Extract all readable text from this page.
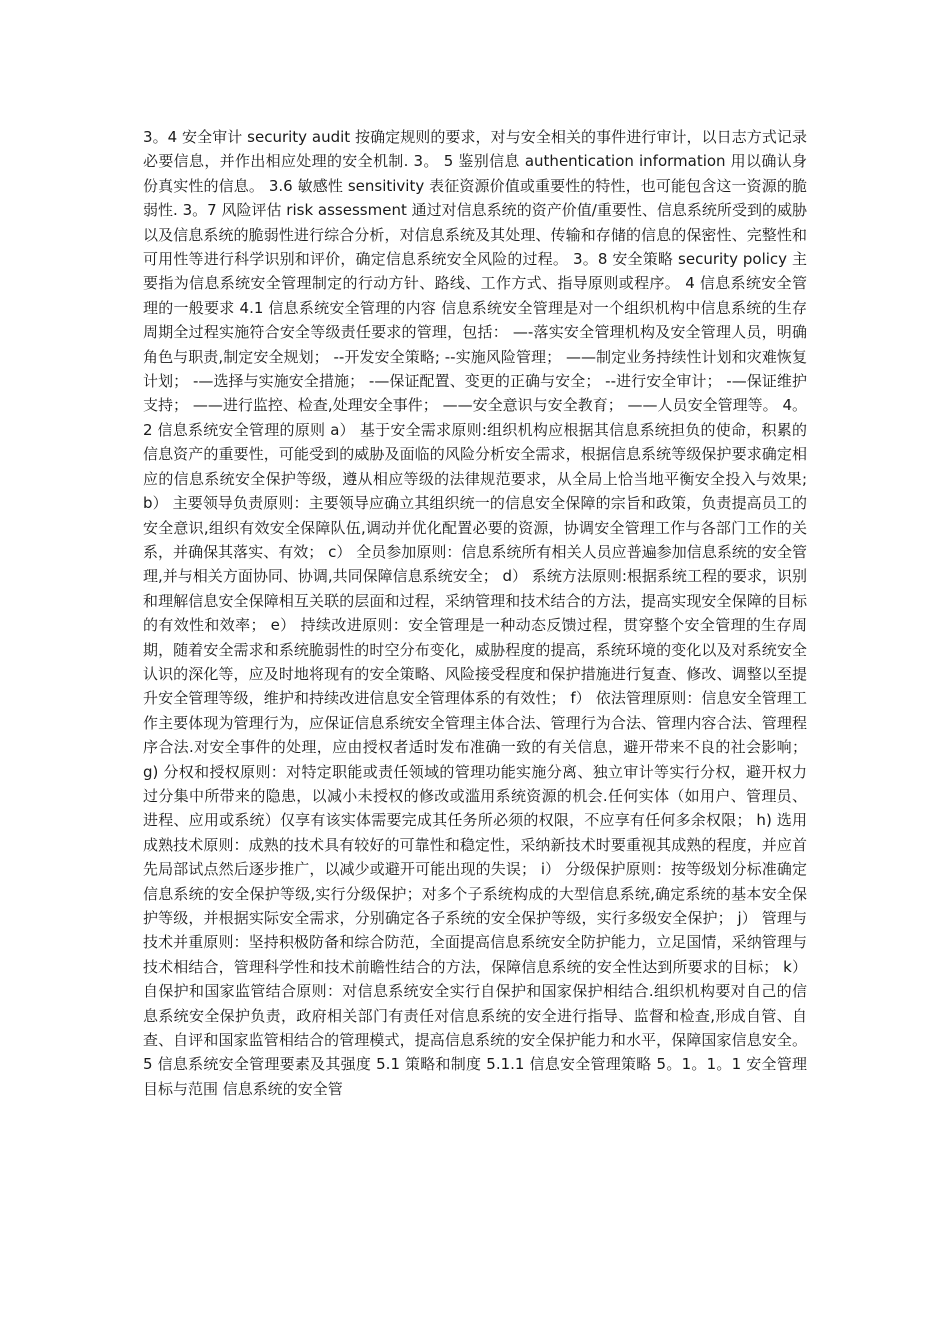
3。4 安全审计 security audit 按确定规则的要求，对与安全相关的事件进行审计，以日志方式记录必要信息，并作出相应处理的安全机制. 3。 5 鉴别信息 authentication information 用以确认身份真实性的信息。 3.6 敏感性 sensitivity 表征资源价值或重要性的特性，也可能包含这一资源的脆弱性. 3。7 风险评估 risk assessment 通过对信息系统的资产价值/重要性、信息系统所受到的威胁以及信息系统的脆弱性进行综合分析，对信息系统及其处理、传输和存储的信息的保密性、完整性和可用性等进行科学识别和评价，确定信息系统安全风险的过程。 3。8 安全策略 security policy 主要指为信息系统安全管理制定的行动方针、路线、工作方式、指导原则或程序。 4 信息系统安全管理的一般要求 4.1 信息系统安全管理的内容 信息系统安全管理是对一个组织机构中信息系统的生存周期全过程实施符合安全等级责任要求的管理，包括： —-落实安全管理机构及安全管理人员，明确角色与职责,制定安全规划； --开发安全策略; --实施风险管理； ——制定业务持续性计划和灾难恢复计划； -—选择与实施安全措施； -—保证配置、变更的正确与安全； --进行安全审计； -—保证维护支持； ——进行监控、检查,处理安全事件； ——安全意识与安全教育； ——人员安全管理等。 4。2 信息系统安全管理的原则 a） 基于安全需求原则:组织机构应根据其信息系统担负的使命，积累的信息资产的重要性，可能受到的威胁及面临的风险分析安全需求，根据信息系统等级保护要求确定相应的信息系统安全保护等级，遵从相应等级的法律规范要求，从全局上恰当地平衡安全投入与效果; b） 主要领导负责原则：主要领导应确立其组织统一的信息安全保障的宗旨和政策，负责提高员工的安全意识,组织有效安全保障队伍,调动并优化配置必要的资源，协调安全管理工作与各部门工作的关系，并确保其落实、有效； c） 全员参加原则：信息系统所有相关人员应普遍参加信息系统的安全管理,并与相关方面协同、协调,共同保障信息系统安全； d） 系统方法原则:根据系统工程的要求，识别和理解信息安全保障相互关联的层面和过程，采纳管理和技术结合的方法，提高实现安全保障的目标的有效性和效率； e） 持续改进原则：安全管理是一种动态反馈过程，贯穿整个安全管理的生存周期，随着安全需求和系统脆弱性的时空分布变化，威胁程度的提高，系统环境的变化以及对系统安全认识的深化等，应及时地将现有的安全策略、风险接受程度和保护措施进行复查、修改、调整以至提升安全管理等级，维护和持续改进信息安全管理体系的有效性； f） 依法管理原则：信息安全管理工作主要体现为管理行为，应保证信息系统安全管理主体合法、管理行为合法、管理内容合法、管理程序合法.对安全事件的处理，应由授权者适时发布准确一致的有关信息，避开带来不良的社会影响； g) 分权和授权原则：对特定职能或责任领域的管理功能实施分离、独立审计等实行分权，避开权力过分集中所带来的隐患，以减小未授权的修改或滥用系统资源的机会.任何实体（如用户、管理员、进程、应用或系统）仅享有该实体需要完成其任务所必须的权限，不应享有任何多余权限； h) 选用成熟技术原则：成熟的技术具有较好的可靠性和稳定性，采纳新技术时要重视其成熟的程度，并应首先局部试点然后逐步推广，以减少或避开可能出现的失误； i） 分级保护原则：按等级划分标准确定信息系统的安全保护等级,实行分级保护；对多个子系统构成的大型信息系统,确定系统的基本安全保护等级，并根据实际安全需求，分别确定各子系统的安全保护等级，实行多级安全保护； j） 管理与技术并重原则：坚持积极防备和综合防范，全面提高信息系统安全防护能力，立足国情，采纳管理与技术相结合，管理科学性和技术前瞻性结合的方法，保障信息系统的安全性达到所要求的目标； k） 自保护和国家监管结合原则：对信息系统安全实行自保护和国家保护相结合.组织机构要对自己的信息系统安全保护负责，政府相关部门有责任对信息系统的安全进行指导、监督和检查,形成自管、自查、自评和国家监管相结合的管理模式，提高信息系统的安全保护能力和水平，保障国家信息安全。 5 信息系统安全管理要素及其强度 5.1 策略和制度 5.1.1 信息安全管理策略 5。1。1。1 安全管理目标与范围 信息系统的安全管
